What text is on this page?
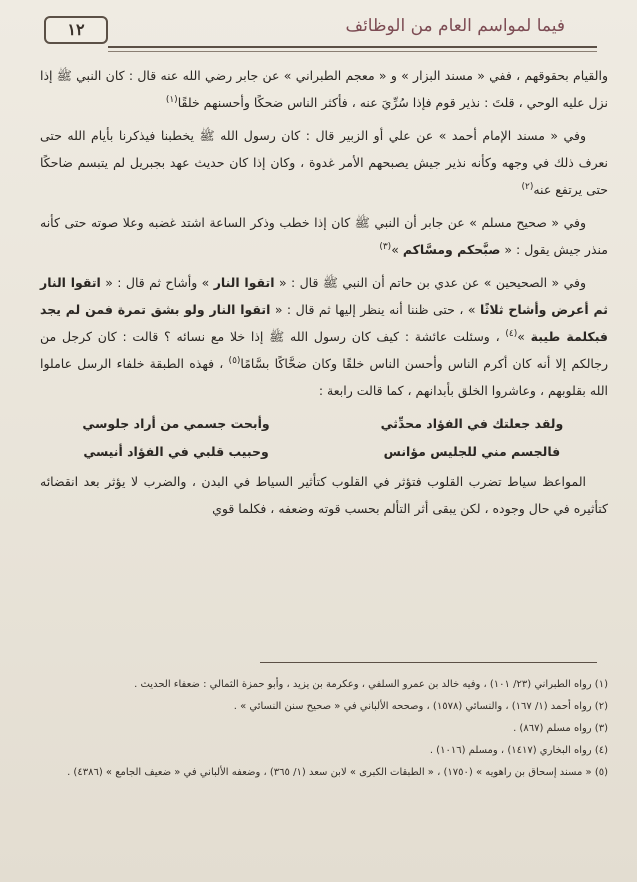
١٢	فيما لمواسم العام من الوظائف

والقيام بحقوقهم ، ففي « مسند البزار » و « معجم الطبراني » عن جابر رضي الله عنه قال : كان النبي ﷺ إذا نزل عليه الوحي ، قلتَ : نذير قوم فإذا سُرِّيَ عنه ، فأكثر الناس ضحكًا وأحسنهم خلقًا$^{(١)}$

وفي « مسند الإمام أحمد » عن علي أو الزبير قال : كان رسول الله ﷺ يخطبنا فيذكرنا بأيام الله حتى نعرف ذلك في وجهه وكأنه نذير جيش يصبحهم الأمر غدوة ، وكان إذا كان حديث عهد بجبريل لم يتبسم ضاحكًا حتى يرتفع عنه$^{(٢)}$

وفي « صحيح مسلم » عن جابر أن النبي ﷺ كان إذا خطب وذكر الساعة اشتد غضبه وعلا صوته حتى كأنه منذر جيش يقول : « صبَّحكم ومسَّاكم »$^{(٣)}$

وفي « الصحيحين » عن عدي بن حاتم أن النبي ﷺ قال : « اتقوا النار » وأشاح ثم قال : « اتقوا النار ثم أعرض وأشاح ثلاثًا » ، حتى ظننا أنه ينظر إليها ثم قال : « اتقوا النار ولو بشق تمرة فمن لم يجد فبكلمة طيبة »$^{(٤)}$ ، وسئلت عائشة : كيف كان رسول الله ﷺ إذا خلا مع نسائه ؟ قالت : كان كرجل من رجالكم إلا أنه كان أكرم الناس وأحسن الناس خلقًا وكان ضحَّاكًا بسَّامًا$^{(٥)}$ ، فهذه الطبقة خلفاء الرسل عاملوا الله بقلوبهم ، وعاشروا الخلق بأبدانهم ، كما قالت رابعة :

ولقد جعلتك في الفؤاد محدِّثي
وأبحت جسمي من أراد جلوسي
فالجسم مني للجليس مؤانس
وحبيب قلبي في الفؤاد أنيسي

المواعظ سياط تضرب القلوب فتؤثر في القلوب كتأثير السياط في البدن ، والضرب لا يؤثر بعد انقضائه كتأثيره في حال وجوده ، لكن يبقى أثر التألم بحسب قوته وضعفه ، فكلما قوي

(١) رواه الطبراني (٢٣/ ١٠١) ، وفيه خالد بن عمرو السلفي ، وعكرمة بن يزيد ، وأبو حمزة الثمالي : ضعفاء الحديث .
(٢) رواه أحمد (١/ ١٦٧) ، والنسائي (١٥٧٨) ، وصححه الألباني في « صحيح سنن النسائي » .
(٣) رواه مسلم (٨٦٧) .
(٤) رواه البخاري (١٤١٧) ، ومسلم (١٠١٦) .
(٥) « مسند إسحاق بن راهويه » (١٧٥٠) ، « الطبقات الكبرى » لابن سعد (١/ ٣٦٥) ، وضعفه الألباني في « ضعيف الجامع » (٤٣٨٦) .
